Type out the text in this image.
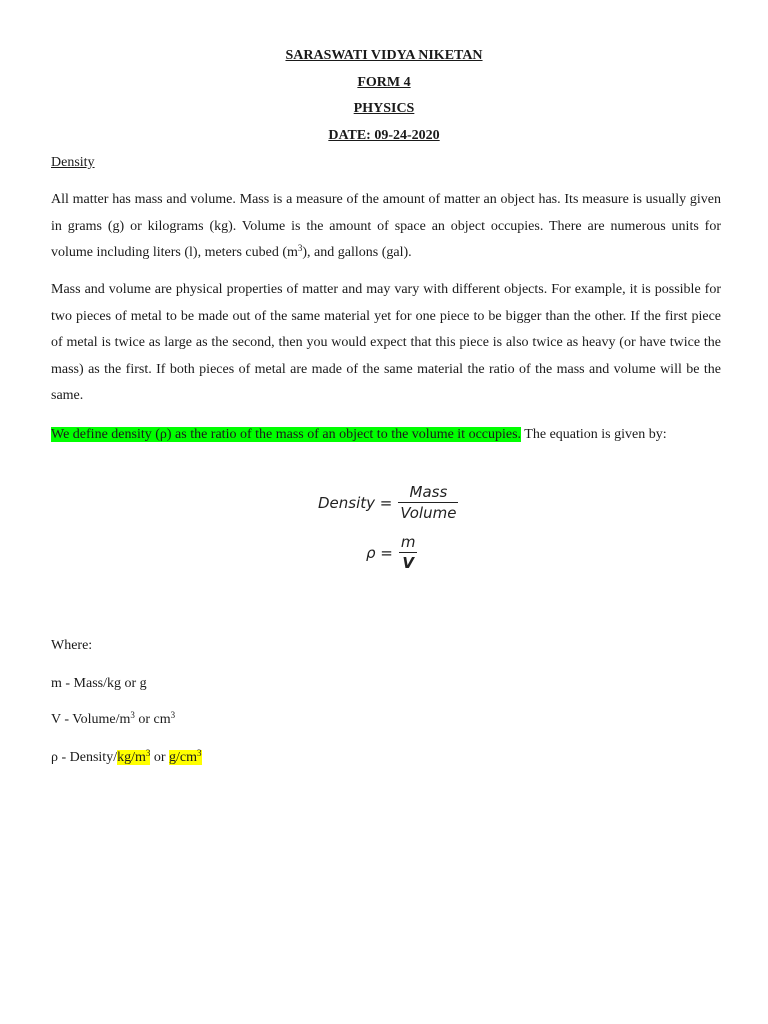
SARASWATI VIDYA NIKETAN
FORM 4
PHYSICS
DATE: 09-24-2020
Density
All matter has mass and volume. Mass is a measure of the amount of matter an object has. Its measure is usually given in grams (g) or kilograms (kg). Volume is the amount of space an object occupies. There are numerous units for volume including liters (l), meters cubed $(m^3)$, and gallons (gal).
Mass and volume are physical properties of matter and may vary with different objects. For example, it is possible for two pieces of metal to be made out of the same material yet for one piece to be bigger than the other. If the first piece of metal is twice as large as the second, then you would expect that this piece is also twice as heavy (or have twice the mass) as the first. If both pieces of metal are made of the same material the ratio of the mass and volume will be the same.
We define density (ρ) as the ratio of the mass of an object to the volume it occupies. The equation is given by:
Density = $\frac{\text{Mass}}{\text{Volume}}$
$\rho = \frac{m}{V}$
Where:
m - Mass/kg or g
V - Volume/$m^3$ or $cm^3$
ρ - Density/$kg/m^3$ or $g/cm^3$
